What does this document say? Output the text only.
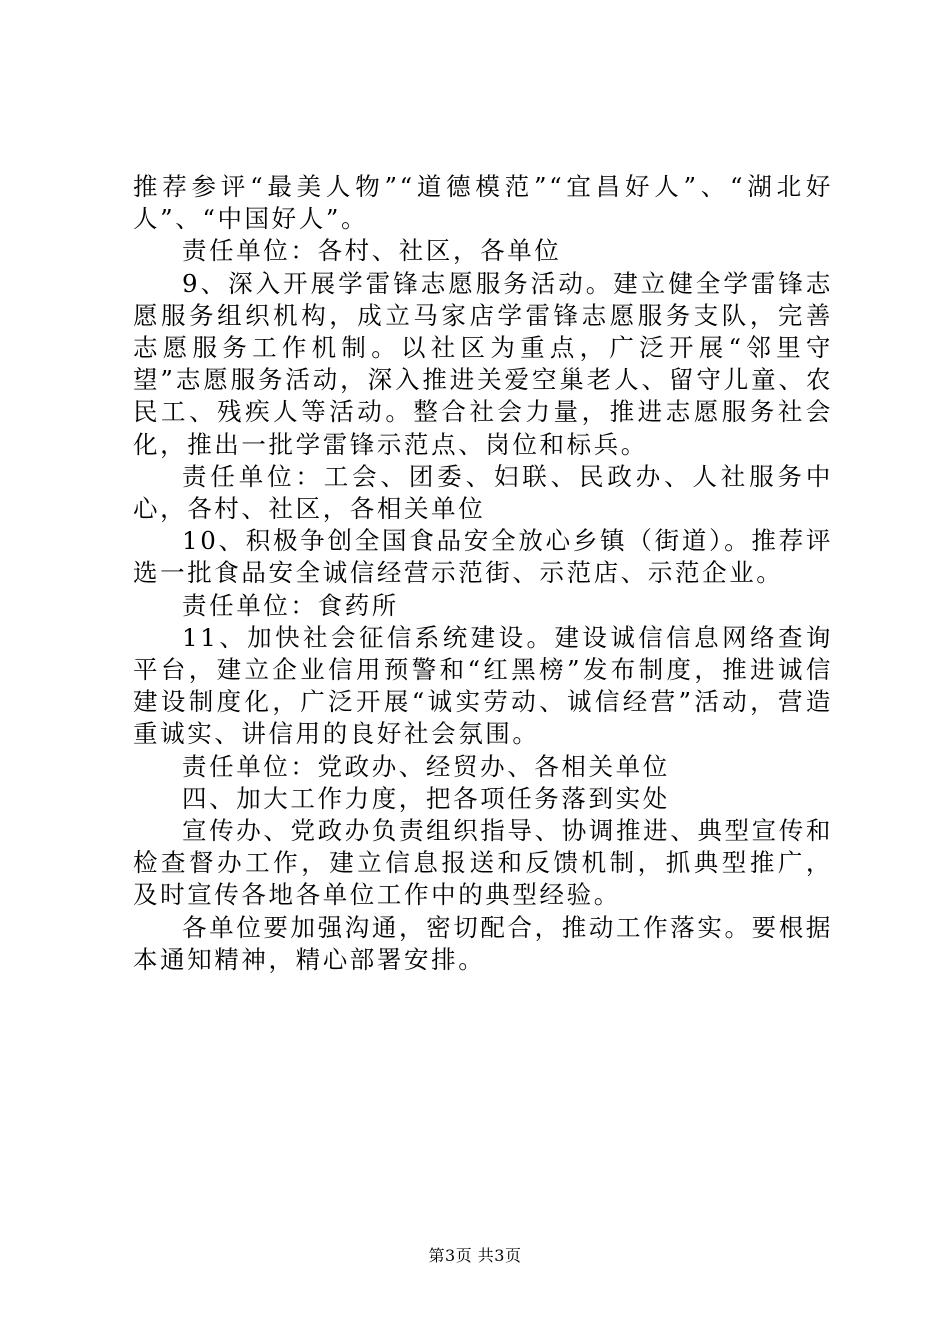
推荐参评“最美人物”“道德模范”“宜昌好人”、“湖北好人”、“中国好人”。

责任单位：各村、社区，各单位

9、深入开展学雷锋志愿服务活动。建立健全学雷锋志愿服务组织机构，成立马家店学雷锋志愿服务支队，完善志愿服务工作机制。以社区为重点，广泛开展“邻里守望”志愿服务活动，深入推进关爱空巢老人、留守儿童、农民工、残疾人等活动。整合社会力量，推进志愿服务社会化，推出一批学雷锋示范点、岗位和标兵。

责任单位：工会、团委、妇联、民政办、人社服务中心，各村、社区，各相关单位

10、积极争创全国食品安全放心乡镇（街道）。推荐评选一批食品安全诚信经营示范街、示范店、示范企业。

责任单位：食药所

11、加快社会征信系统建设。建设诚信信息网络查询平台，建立企业信用预警和“红黑榜”发布制度，推进诚信建设制度化，广泛开展“诚实劳动、诚信经营”活动，营造重诚实、讲信用的良好社会氛围。

责任单位：党政办、经贸办、各相关单位

四、加大工作力度，把各项任务落到实处

宣传办、党政办负责组织指导、协调推进、典型宣传和检查督办工作，建立信息报送和反馈机制，抓典型推广，及时宣传各地各单位工作中的典型经验。

各单位要加强沟通，密切配合，推动工作落实。要根据本通知精神，精心部署安排。

第3页 共3页
